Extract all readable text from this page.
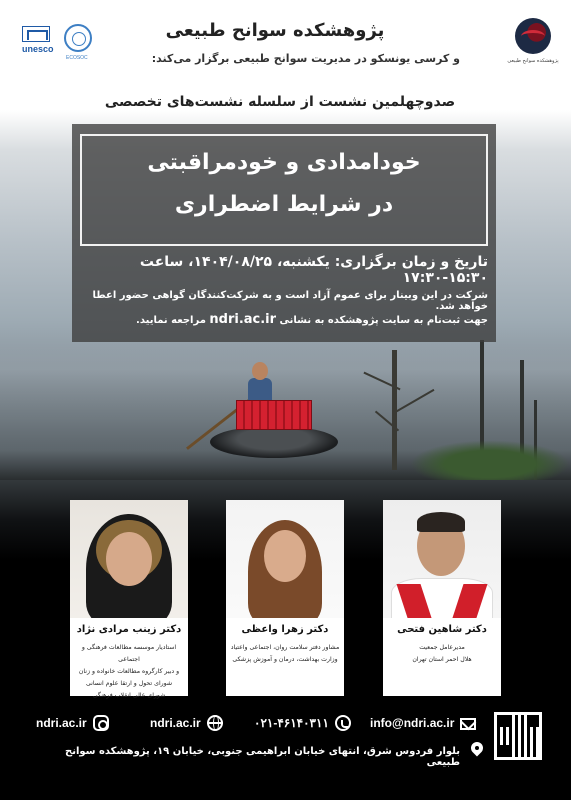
unesco
ECOSOC	پژوهشکده سوانح طبیعی
پژوهشکده سوانح طبیعی
و کرسی یونسکو در مدیریت سوانح طبیعی برگزار می‌کند:
صدوچهلمین نشست از سلسله نشست‌های تخصصی
خودامدادی و خودمراقبتی
در شرایط اضطراری
تاریخ و زمان برگزاری: یکشنبه، ۱۴۰۴/۰۸/۲۵، ساعت ۱۵:۳۰-۱۷:۳۰
شرکت در این وبینار برای عموم آزاد است و به شرکت‌کنندگان گواهی حضور اعطا خواهد شد.
جهت ثبت‌نام به سایت پژوهشکده به نشانی ndri.ac.ir مراجعه نمایید.
دکتر زینب مرادی نژاد
استادیار موسسه مطالعات فرهنگی و اجتماعی
و دبیر کارگروه مطالعات خانواده و زنان
شورای تحول و ارتقا علوم انسانی
شورای عالی انقلاب فرهنگی
دکتر زهرا واعظی
مشاور دفتر سلامت روان، اجتماعی واعتیاد
وزارت بهداشت، درمان و آموزش پزشکی
دکتر شاهین فتحی
مدیرعامل جمعیت
هلال احمر استان تهران
ndri.ac.ir	ndri.ac.ir	۰۲۱-۴۶۱۴۰۳۱۱	info@ndri.ac.ir
بلوار فردوس شرق، انتهای خیابان ابراهیمی جنوبی، خیابان ۱۹، پژوهشکده سوانح طبیعی
